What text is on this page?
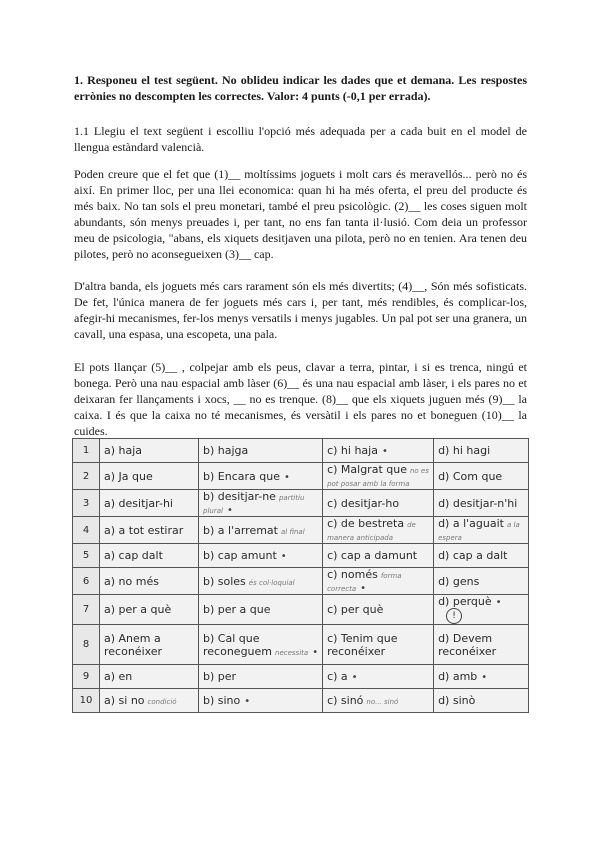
1. Responeu el test següent. No oblideu indicar les dades que et demana. Les respostes errònies no descompten les correctes. Valor: 4 punts (-0,1 per errada).
1.1 Llegiu el text següent i escolliu l'opció més adequada per a cada buit en el model de llengua estàndard valencià.
Poden creure que el fet que (1)__ moltíssims joguets i molt cars és meravellós... però no és així. En primer lloc, per una llei economica: quan hi ha més oferta, el preu del producte és més baix. No tan sols el preu monetari, també el preu psicològic. (2)__ les coses siguen molt abundants, són menys preuades i, per tant, no ens fan tanta il·lusió. Com deia un professor meu de psicologia, "abans, els xiquets desitjaven una pilota, però no en tenien. Ara tenen deu pilotes, però no aconsegueixen (3)__ cap.
D'altra banda, els joguets més cars rarament són els més divertits; (4)__, Són més sofisticats. De fet, l'única manera de fer joguets més cars i, per tant, més rendibles, és complicar-los, afegir-hi mecanismes, fer-los menys versatils i menys jugables. Un pal pot ser una granera, un cavall, una espasa, una escopeta, una pala.
El pots llançar (5)__ , colpejar amb els peus, clavar a terra, pintar, i si es trenca, ningú et bonega. Però una nau espacial amb làser (6)__ és una nau espacial amb làser, i els pares no et deixaran fer llançaments i xocs, __ no es trenque. (8)__ que els xiquets juguen més (9)__ la caixa. I és que la caixa no té mecanismes, és versàtil i els pares no et boneguen (10)__ la cuides.
1	a) haja	b) hajga	c) hi haja •	d) hi hagi
2	a) Ja que	b) Encara que •	c) Malgrat que no es pot posar amb la forma	d) Com que
3	a) desitjar-hi	b) desitjar-ne partitiu plural •	c) desitjar-ho	d) desitjar-n'hi
4	a) a tot estirar	b) a l'arremat al final	c) de bestreta de manera anticipada	d) a l'aguait a la espera
5	a) cap dalt	b) cap amunt •	c) cap a damunt	d) cap a dalt
6	a) no més	b) soles és col·loquial	c) només forma correcta •	d) gens
7	a) per a què	b) per a que	c) per què	d) perquè •!
8	a) Anem a reconéixer	b) Cal que reconeguem necessita •	c) Tenim que reconéixer	d) Devem reconéixer
9	a) en	b) per	c) a •	d) amb •
10	a) si no condició	b) sino •	c) sinó no... sinó	d) sinò
